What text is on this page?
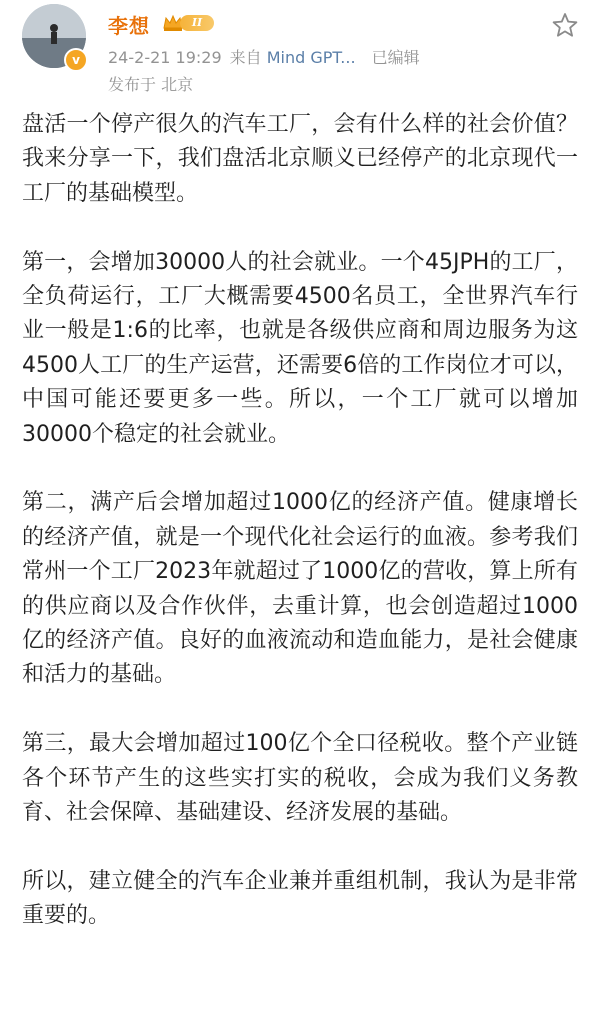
v
李想	II
24-2-21 19:29 来自 Mind GPT... 已编辑
发布于 北京

盘活一个停产很久的汽车工厂，会有什么样的社会价值？我来分享一下，我们盘活北京顺义已经停产的北京现代一工厂的基础模型。

第一，会增加30000人的社会就业。一个45JPH的工厂，全负荷运行，工厂大概需要4500名员工，全世界汽车行业一般是1:6的比率，也就是各级供应商和周边服务为这4500人工厂的生产运营，还需要6倍的工作岗位才可以，中国可能还要更多一些。所以，一个工厂就可以增加30000个稳定的社会就业。

第二，满产后会增加超过1000亿的经济产值。健康增长的经济产值，就是一个现代化社会运行的血液。参考我们常州一个工厂2023年就超过了1000亿的营收，算上所有的供应商以及合作伙伴，去重计算，也会创造超过1000亿的经济产值。良好的血液流动和造血能力，是社会健康和活力的基础。

第三，最大会增加超过100亿个全口径税收。整个产业链各个环节产生的这些实打实的税收，会成为我们义务教育、社会保障、基础建设、经济发展的基础。

所以，建立健全的汽车企业兼并重组机制，我认为是非常重要的。
